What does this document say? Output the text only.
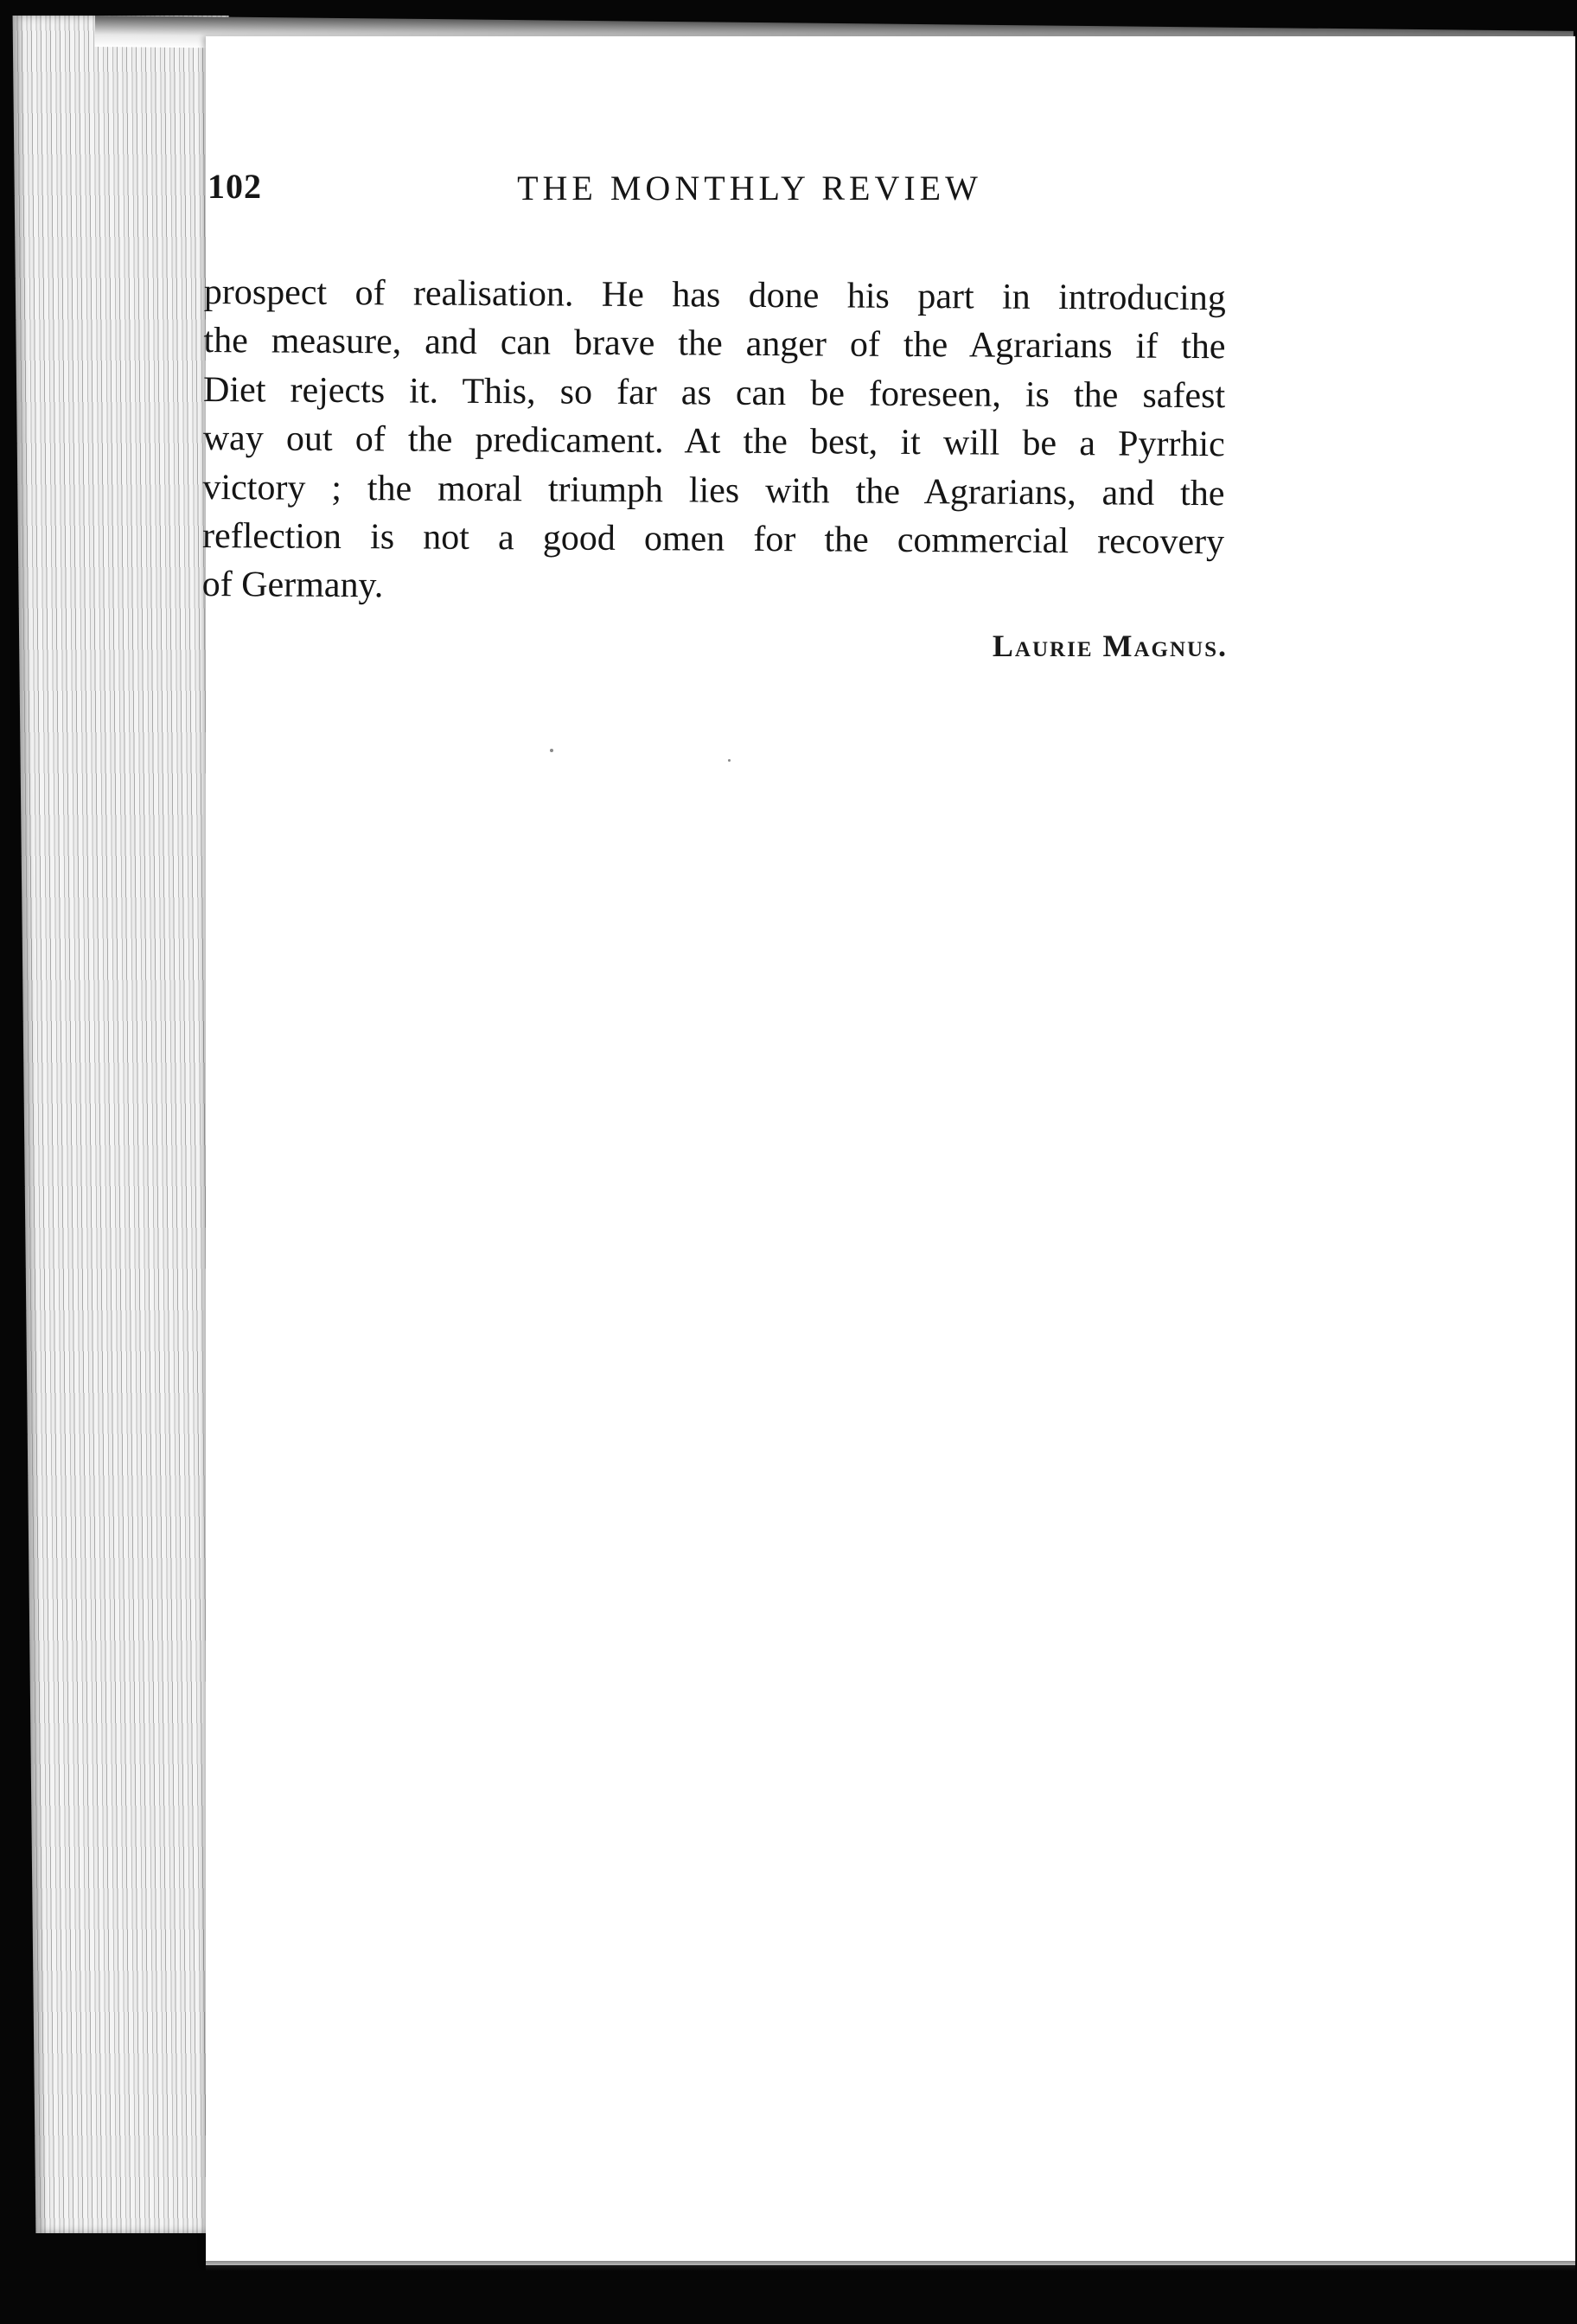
102	THE MONTHLY REVIEW
prospect of realisation. He has done his part in introducing
the measure, and can brave the anger of the Agrarians if the
Diet rejects it. This, so far as can be foreseen, is the safest
way out of the predicament. At the best, it will be a Pyrrhic
victory ; the moral triumph lies with the Agrarians, and the
reflection is not a good omen for the commercial recovery
of Germany.
Laurie Magnus.
